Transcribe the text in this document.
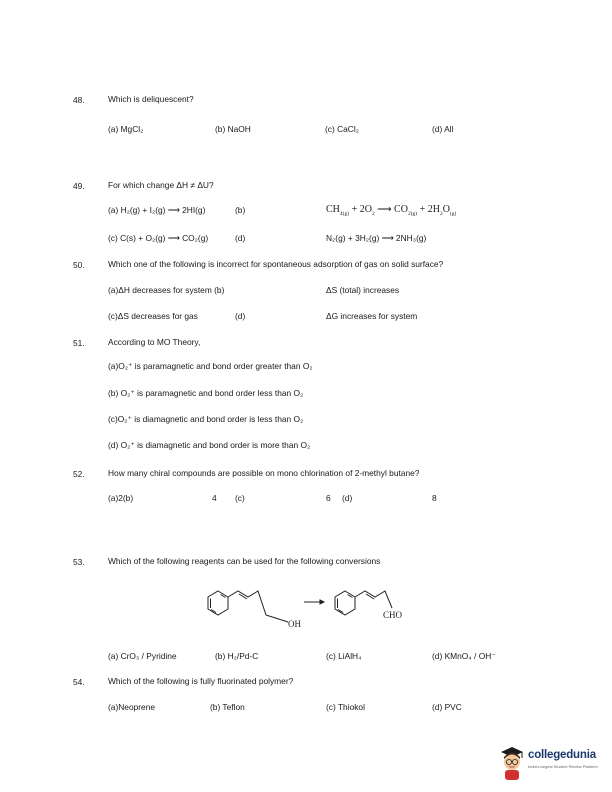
48.	Which is deliquescent?
(a) MgCl₂	(b) NaOH	(c) CaCl₂	(d) All
49.	For which change ΔH ≠ ΔU?
(a) H₂(g) + I₂(g) ⟶ 2HI(g)	(b)	$CH_{4(g)} + 2O_2$ ⟶ $CO_{2(g)} + 2H_2O_{(g)}$
(c) C(s) + O₂(g) ⟶ CO₂(g)	(d)	N₂(g) + 3H₂(g) ⟶ 2NH₃(g)
50.	Which one of the following is incorrect for spontaneous adsorption of gas on solid surface?
(a)ΔH decreases for system (b)	ΔS (total) increases
(c)ΔS decreases for gas	(d)	ΔG increases for system
51.	According to MO Theory,
(a)O₂⁺ is paramagnetic and bond order greater than O₂
(b) O₂⁺ is paramagnetic and bond order less than O₂
(c)O₂⁺ is diamagnetic and bond order is less than O₂
(d) O₂⁺ is diamagnetic and bond order is more than O₂
52.	How many chiral compounds are possible on mono chlorination of 2-methyl butane?
(a)2(b)	4 (c)	6 (d)	8
53.	Which of the following reagents can be used for the following conversions
OH
CHO
(a) CrO₃ / Pyridine	(b) H₂/Pd-C	(c) LiAlH₄	(d) KMnO₄ / OH⁻
54.	Which of the following is fully fluorinated polymer?
(a)Neoprene	(b) Teflon	(c) Thiokol	(d) PVC
collegedunia
India's largest Student Review Platform
